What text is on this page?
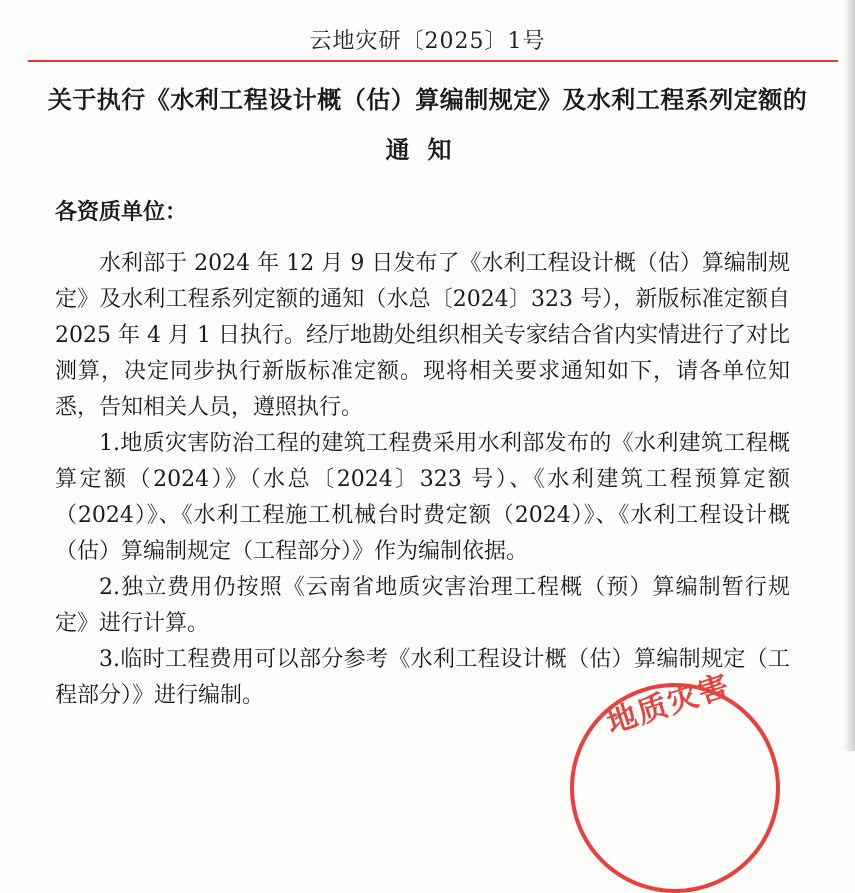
云地灾研〔2025〕1号
关于执行《水利工程设计概（估）算编制规定》及水利工程系列定额的
通知
各资质单位：

水利部于 2024 年 12 月 9 日发布了《水利工程设计概（估）算编制规定》及水利工程系列定额的通知（水总〔2024〕323 号），新版标准定额自 2025 年 4 月 1 日执行。经厅地勘处组织相关专家结合省内实情进行了对比测算，决定同步执行新版标准定额。现将相关要求通知如下，请各单位知悉，告知相关人员，遵照执行。

1.地质灾害防治工程的建筑工程费采用水利部发布的《水利建筑工程概算定额（2024）》（水总〔2024〕323 号）、《水利建筑工程预算定额（2024）》、《水利工程施工机械台时费定额（2024）》、《水利工程设计概（估）算编制规定（工程部分）》作为编制依据。

2.独立费用仍按照《云南省地质灾害治理工程概（预）算编制暂行规定》进行计算。

3.临时工程费用可以部分参考《水利工程设计概（估）算编制规定（工程部分）》进行编制。	地质灾害
